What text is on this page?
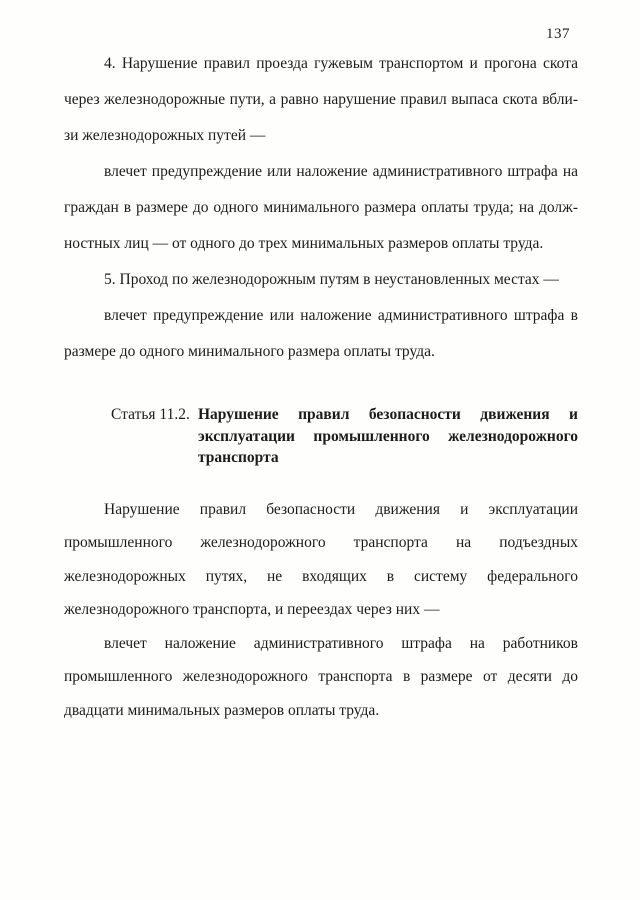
137
4. Нарушение правил проезда гужевым транспортом и прогона скота
через железнодорожные пути, а равно нарушение правил выпаса скота вбли-
зи железнодорожных путей —
влечет предупреждение или наложение административного штрафа на
граждан в размере до одного минимального размера оплаты труда; на долж-
ностных лиц — от одного до трех минимальных размеров оплаты труда.
5. Проход по железнодорожным путям в неустановленных местах —
влечет предупреждение или наложение административного штрафа в
размере до одного минимального размера оплаты труда.
Статья 11.2. Нарушение правил безопасности движения и
эксплуатации промышленного железнодорожного
транспорта
Нарушение правил безопасности движения и эксплуатации
промышленного железнодорожного транспорта на подъездных
железнодорожных путях, не входящих в систему федерального
железнодорожного транспорта, и переездах через них —
влечет наложение административного штрафа на работников
промышленного железнодорожного транспорта в размере от десяти до
двадцати минимальных размеров оплаты труда.
